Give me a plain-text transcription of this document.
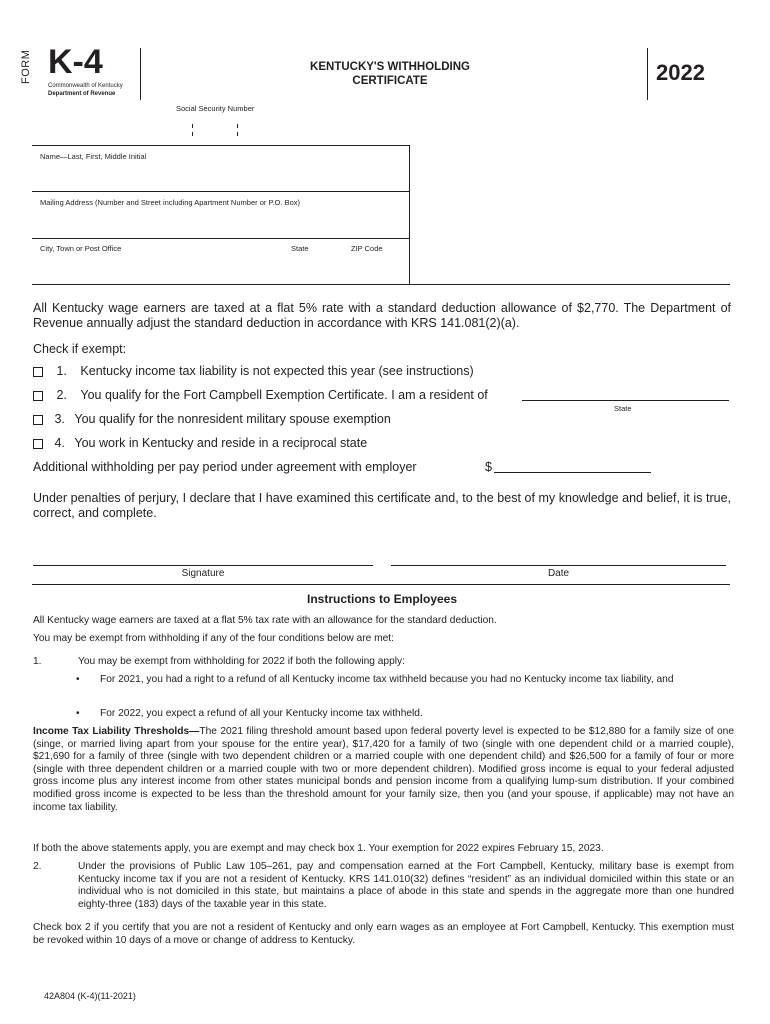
FORM K-4
Commonwealth of Kentucky
Department of Revenue
KENTUCKY'S WITHHOLDING
CERTIFICATE	2022
Social Security Number
Name—Last, First, Middle Initial
Mailing Address (Number and Street including Apartment Number or P.O. Box)
City, Town or Post Office	State	ZIP Code
All Kentucky wage earners are taxed at a flat 5% rate with a standard deduction allowance of $2,770. The Department of Revenue annually adjust the standard deduction in accordance with KRS 141.081(2)(a).
Check if exempt:
1. Kentucky income tax liability is not expected this year (see instructions)
2. You qualify for the Fort Campbell Exemption Certificate. I am a resident of
State
3. You qualify for the nonresident military spouse exemption
4. You work in Kentucky and reside in a reciprocal state
Additional withholding per pay period under agreement with employer	$
Under penalties of perjury, I declare that I have examined this certificate and, to the best of my knowledge and belief, it is true, correct, and complete.
Signature	Date
Instructions to Employees
All Kentucky wage earners are taxed at a flat 5% tax rate with an allowance for the standard deduction.
You may be exempt from withholding if any of the four conditions below are met:
1.	You may be exempt from withholding for 2022 if both the following apply:
• For 2021, you had a right to a refund of all Kentucky income tax withheld because you had no Kentucky income tax liability, and
• For 2022, you expect a refund of all your Kentucky income tax withheld.
Income Tax Liability Thresholds—The 2021 filing threshold amount based upon federal poverty level is expected to be $12,880 for a family size of one (singe, or married living apart from your spouse for the entire year), $17,420 for a family of two (single with one dependent child or a married couple), $21,690 for a family of three (single with two dependent children or a married couple with one dependent child) and $26,500 for a family of four or more (single with three dependent children or a married couple with two or more dependent children). Modified gross income is equal to your federal adjusted gross income plus any interest income from other states municipal bonds and pension income from a qualifying lump-sum distribution. If your combined modified gross income is expected to be less than the threshold amount for your family size, then you (and your spouse, if applicable) may not have an income tax liability.
If both the above statements apply, you are exempt and may check box 1. Your exemption for 2022 expires February 15, 2023.
2.	Under the provisions of Public Law 105–261, pay and compensation earned at the Fort Campbell, Kentucky, military base is exempt from Kentucky income tax if you are not a resident of Kentucky. KRS 141.010(32) defines “resident” as an individual domiciled within this state or an individual who is not domiciled in this state, but maintains a place of abode in this state and spends in the aggregate more than one hundred eighty-three (183) days of the taxable year in this state.
Check box 2 if you certify that you are not a resident of Kentucky and only earn wages as an employee at Fort Campbell, Kentucky. This exemption must be revoked within 10 days of a move or change of address to Kentucky.
42A804 (K-4)(11-2021)
